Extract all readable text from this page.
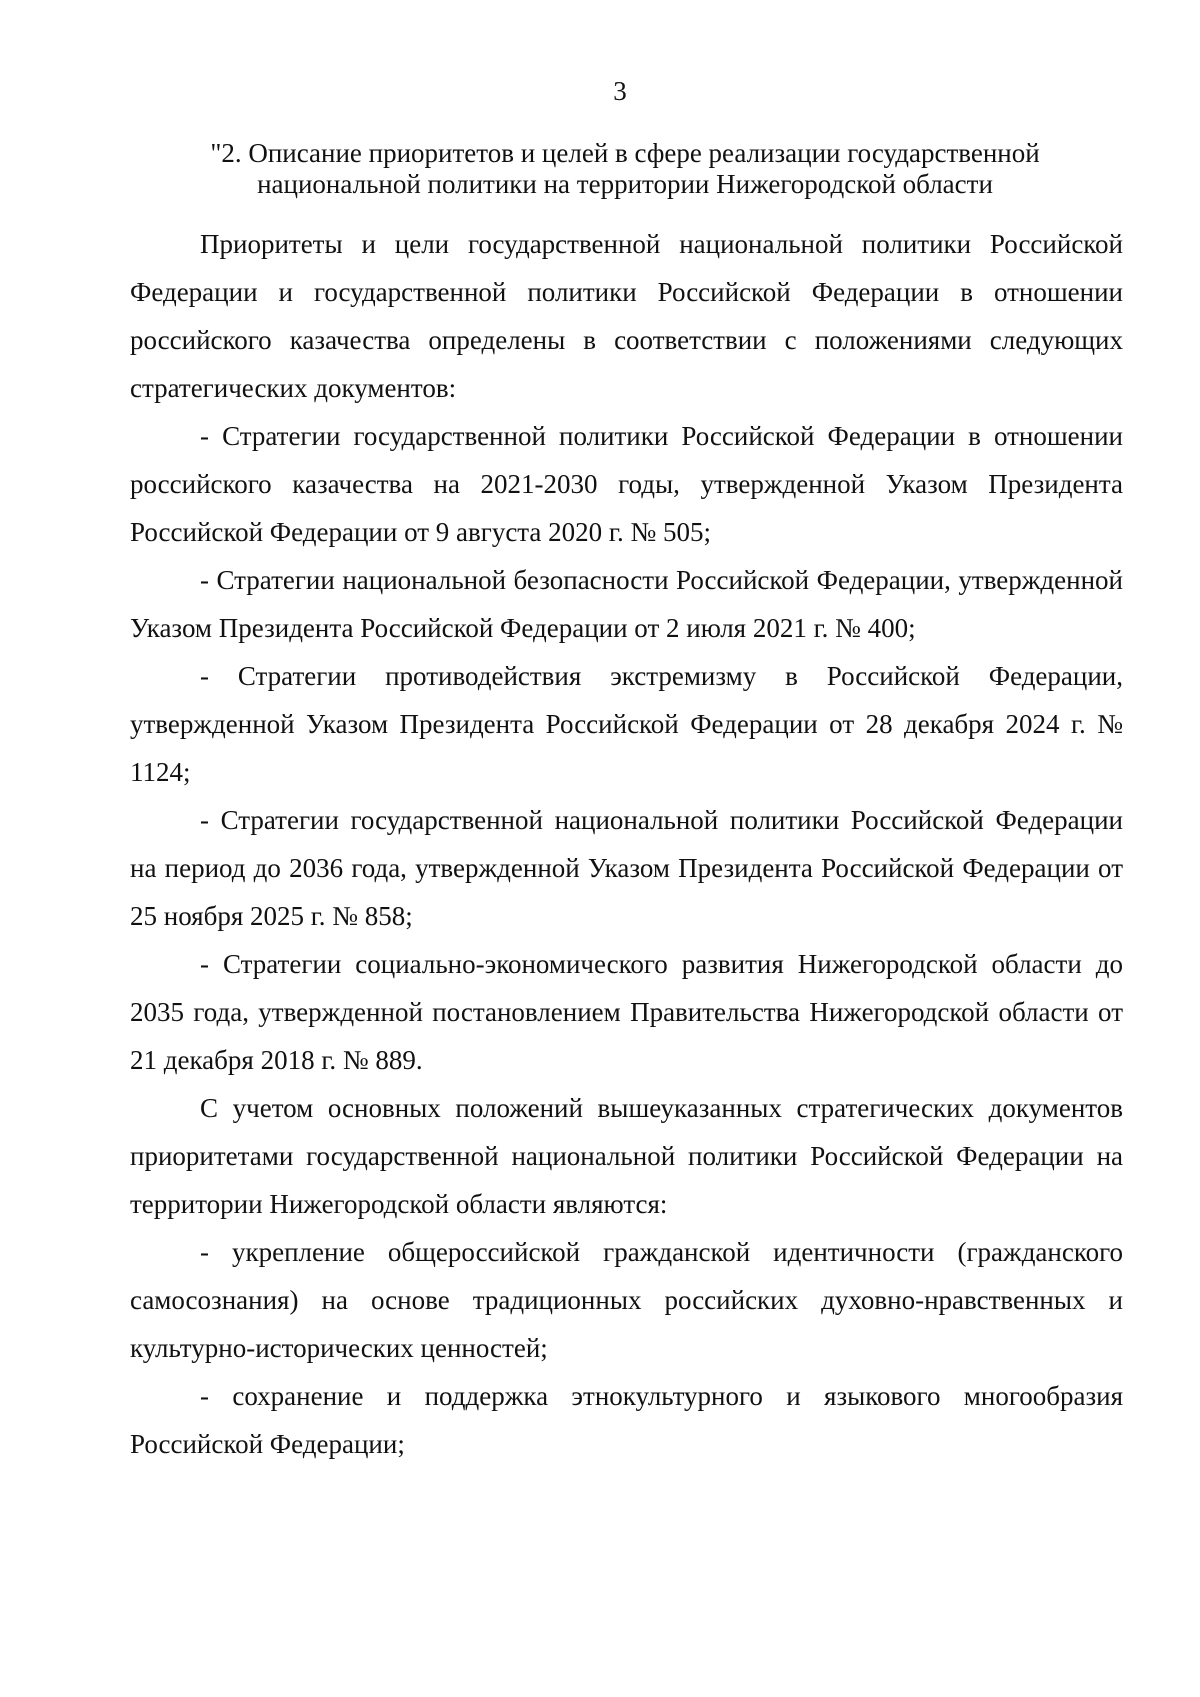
3
"2. Описание приоритетов и целей в сфере реализации государственной
национальной политики на территории Нижегородской области

Приоритеты и цели государственной национальной политики Российской Федерации и государственной политики Российской Федерации в отношении российского казачества определены в соответствии с положениями следующих стратегических документов:

- Стратегии государственной политики Российской Федерации в отношении российского казачества на 2021-2030 годы, утвержденной Указом Президента Российской Федерации от 9 августа 2020 г. № 505;

- Стратегии национальной безопасности Российской Федерации, утвержденной Указом Президента Российской Федерации от 2 июля 2021 г. № 400;

- Стратегии противодействия экстремизму в Российской Федерации, утвержденной Указом Президента Российской Федерации от 28 декабря 2024 г. № 1124;

- Стратегии государственной национальной политики Российской Федерации на период до 2036 года, утвержденной Указом Президента Российской Федерации от 25 ноября 2025 г. № 858;

- Стратегии социально-экономического развития Нижегородской области до 2035 года, утвержденной постановлением Правительства Нижегородской области от 21 декабря 2018 г. № 889.

С учетом основных положений вышеуказанных стратегических документов приоритетами государственной национальной политики Российской Федерации на территории Нижегородской области являются:

- укрепление общероссийской гражданской идентичности (гражданского самосознания) на основе традиционных российских духовно-нравственных и культурно-исторических ценностей;

- сохранение и поддержка этнокультурного и языкового многообразия Российской Федерации;
